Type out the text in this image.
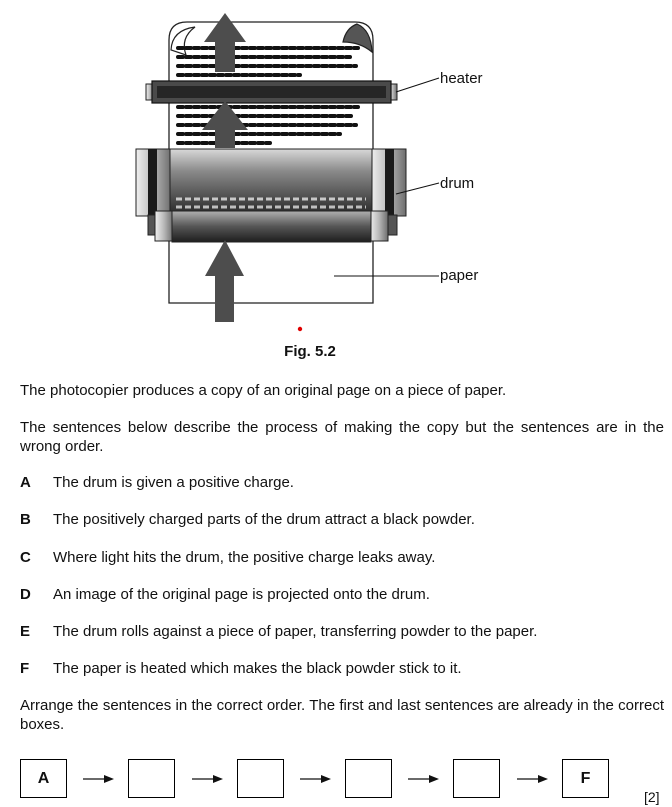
heater
drum
paper
Fig. 5.2
The photocopier produces a copy of an original page on a piece of paper.
The sentences below describe the process of making the copy but the sentences are in the wrong order.
A	The drum is given a positive charge.
B	The positively charged parts of the drum attract a black powder.
C	Where light hits the drum, the positive charge leaks away.
D	An image of the original page is projected onto the drum.
E	The drum rolls against a piece of paper, transferring powder to the paper.
F	The paper is heated which makes the black powder stick to it.
Arrange the sentences in the correct order. The first and last sentences are already in the correct boxes.
A	F
[2]
